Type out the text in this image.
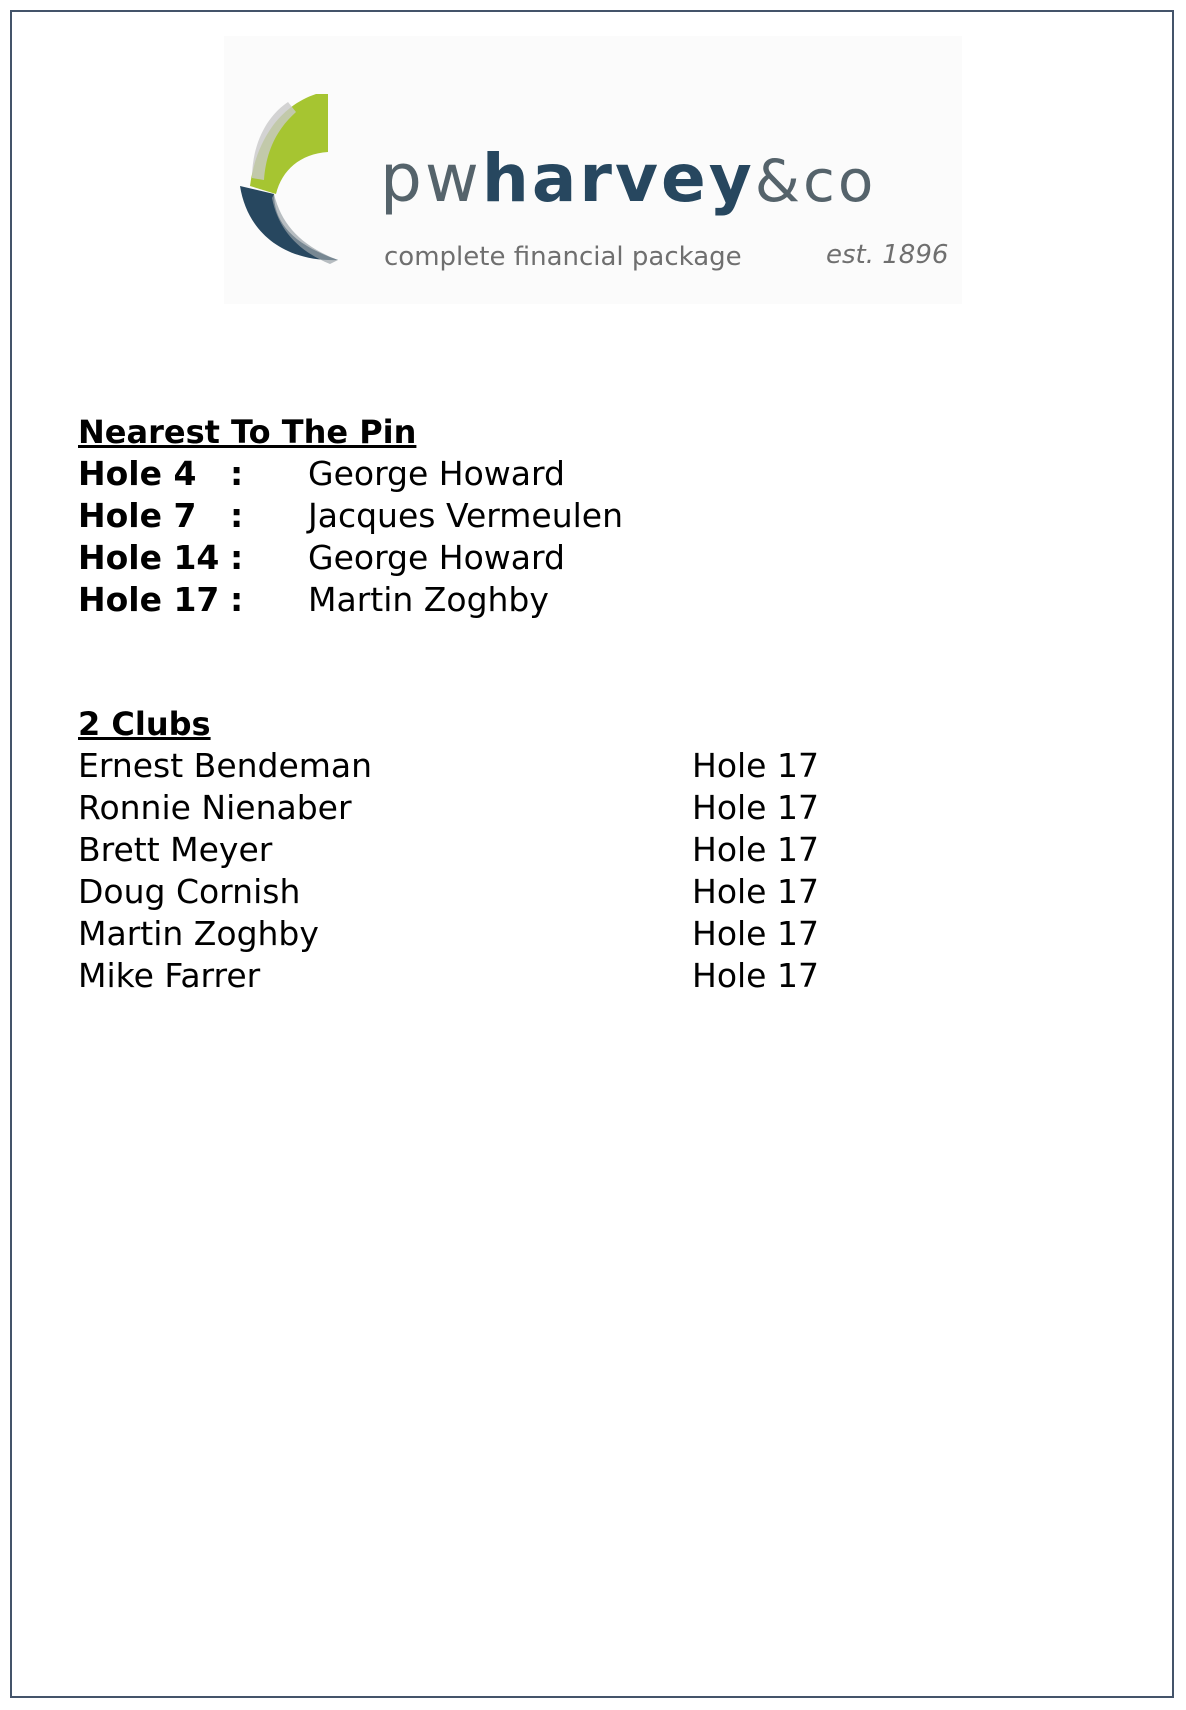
pwharvey&co
complete financial package	est. 1896
Nearest To The Pin
Hole 4	:	George Howard
Hole 7	:	Jacques Vermeulen
Hole 14 :	George Howard
Hole 17 :	Martin Zoghby
2 Clubs
Ernest Bendeman	Hole 17
Ronnie Nienaber	Hole 17
Brett Meyer	Hole 17
Doug Cornish	Hole 17
Martin Zoghby	Hole 17
Mike Farrer	Hole 17
